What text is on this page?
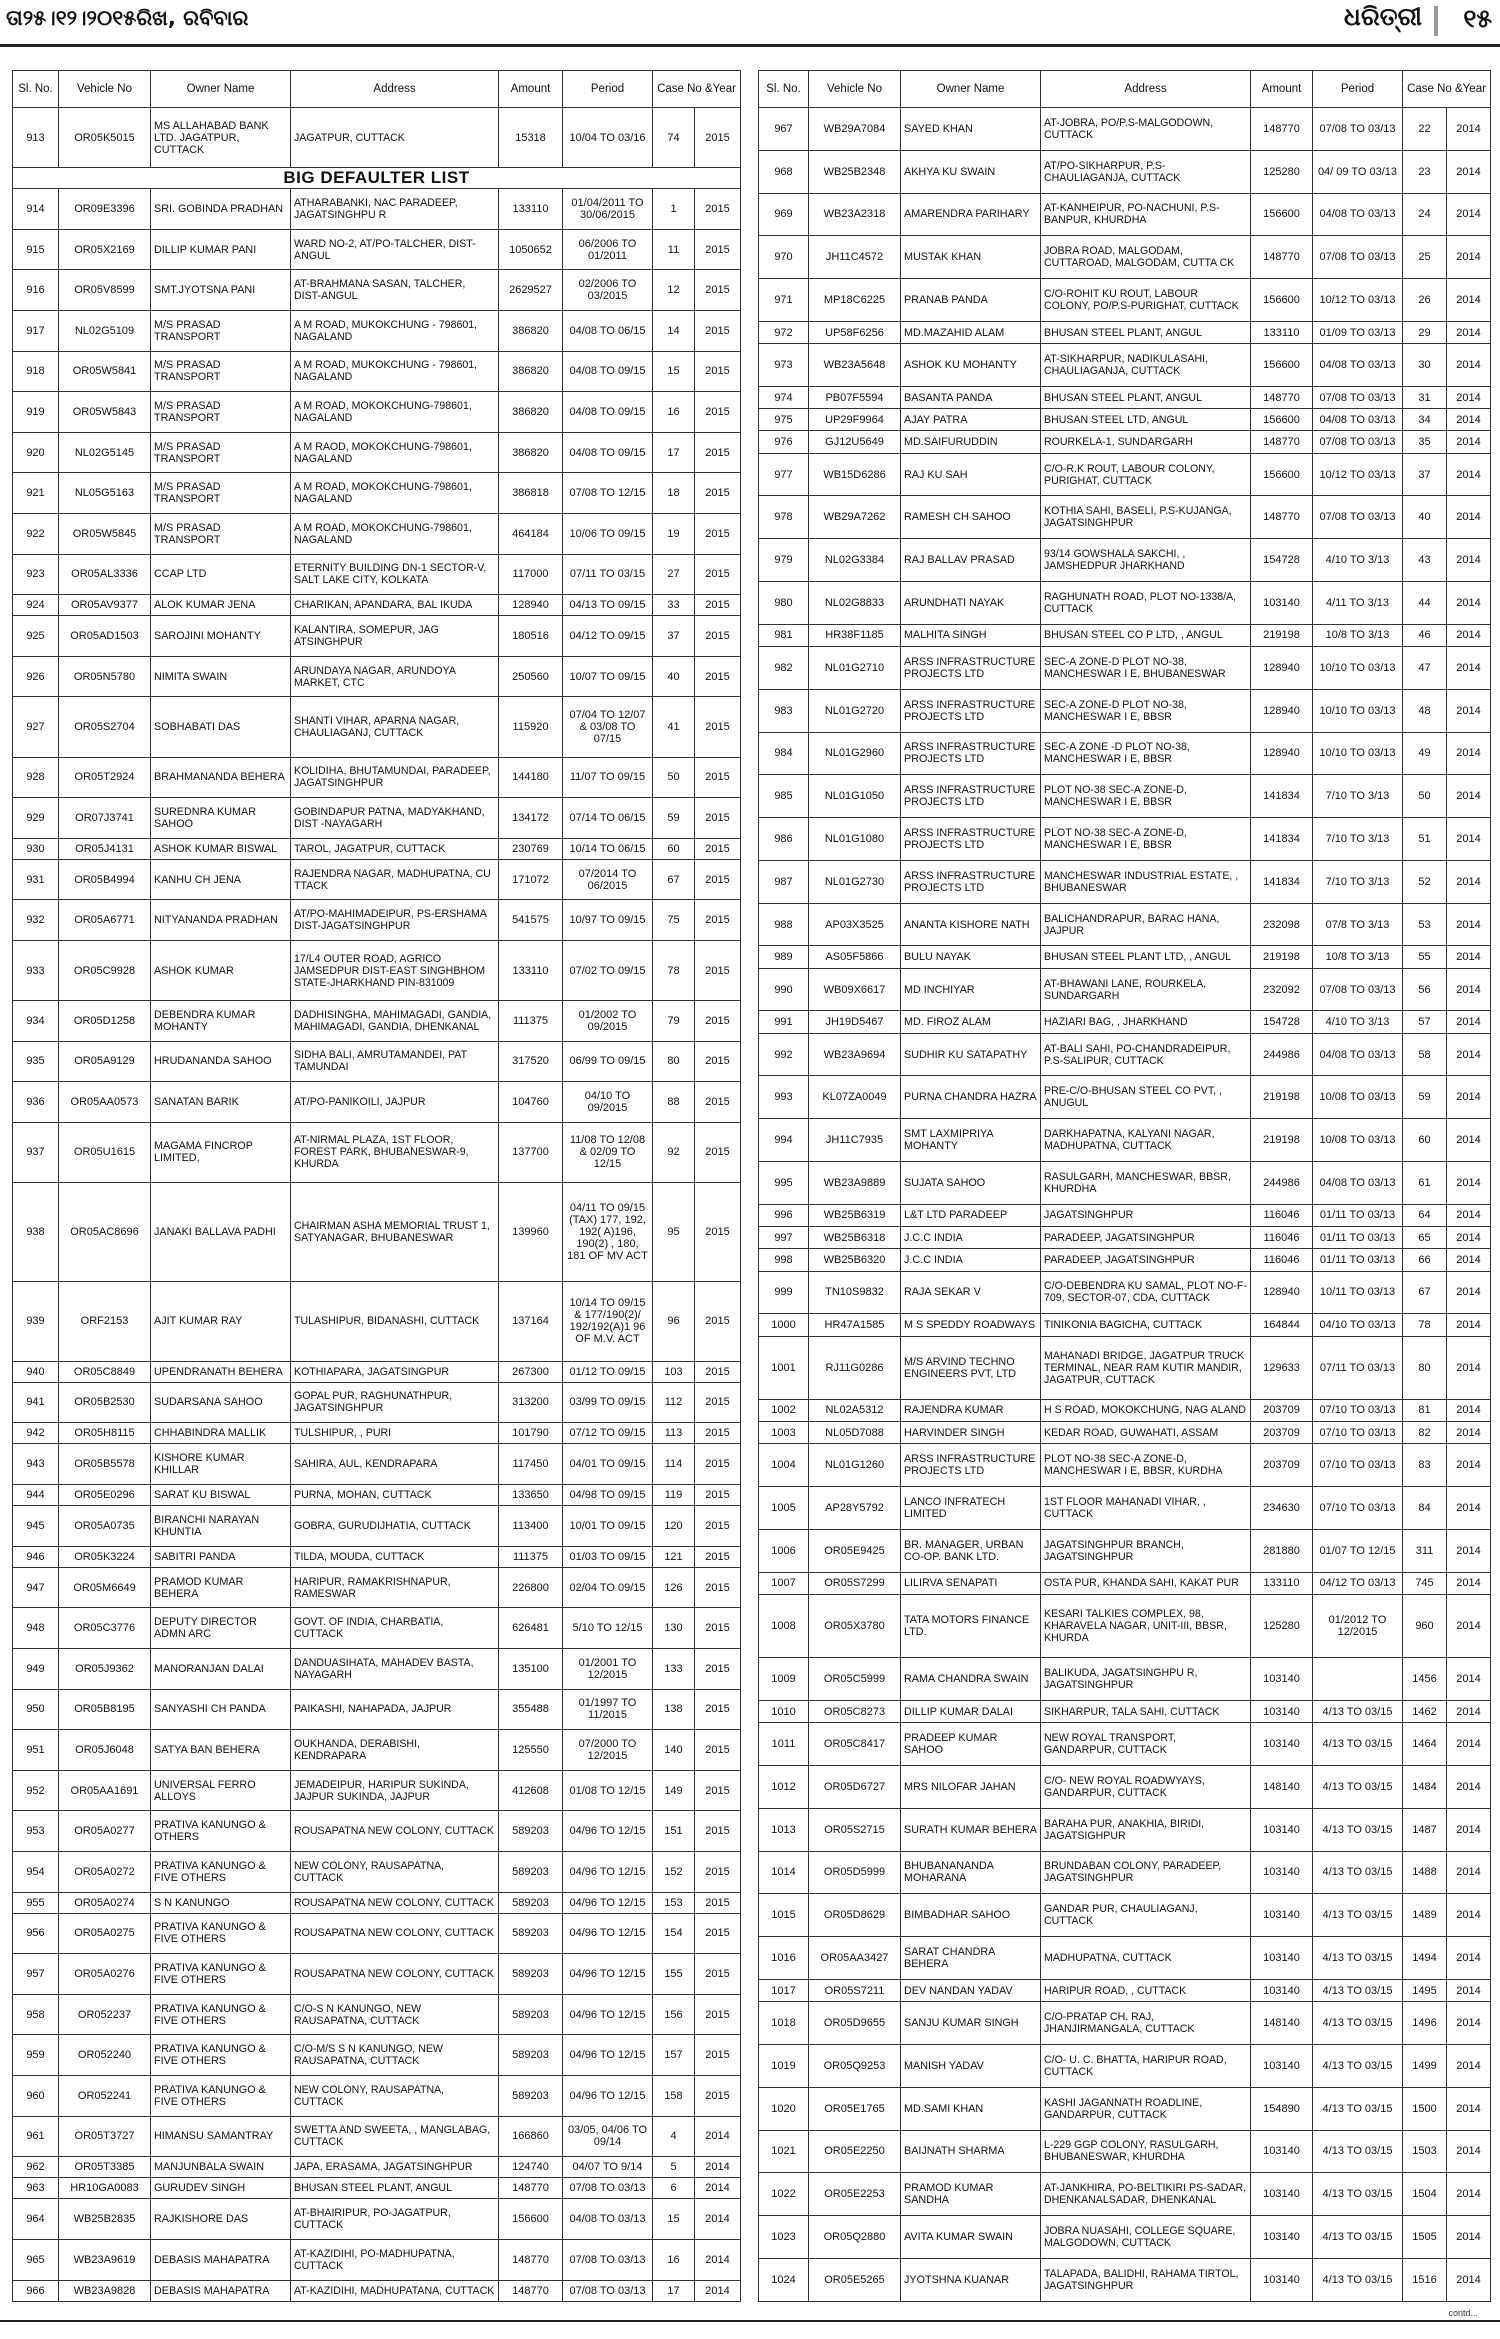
ତା୨୫।୧୨।୨୦୧୫ରିଖ, ରବିବାର	ଧରିତ୍ରୀ ୧୫
Sl. No.	Vehicle No	Owner Name	Address	Amount	Period	Case No &Year	
913	OR05K5015	MS ALLAHABAD BANK LTD. JAGATPUR, CUTTACK	JAGATPUR, CUTTACK	15318	10/04 TO 03/16	74	2015
BIG DEFAULTER LIST							
914	OR09E3396	SRI. GOBINDA PRADHAN	ATHARABANKI, NAC PARADEEP, JAGATSINGHPU R	133110	01/04/2011 TO 30/06/2015	1	2015
915	OR05X2169	DILLIP KUMAR PANI	WARD NO-2, AT/PO-TALCHER, DIST-ANGUL	1050652	06/2006 TO 01/2011	11	2015
916	OR05V8599	SMT.JYOTSNA PANI	AT-BRAHMANA SASAN, TALCHER, DIST-ANGUL	2629527	02/2006 TO 03/2015	12	2015
917	NL02G5109	M/S PRASAD TRANSPORT	A M ROAD, MUKOKCHUNG - 798601, NAGALAND	386820	04/08 TO 06/15	14	2015
918	OR05W5841	M/S PRASAD TRANSPORT	A M ROAD, MUKOKCHUNG - 798601, NAGALAND	386820	04/08 TO 09/15	15	2015
919	OR05W5843	M/S PRASAD TRANSPORT	A M ROAD, MOKOKCHUNG-798601, NAGALAND	386820	04/08 TO 09/15	16	2015
920	NL02G5145	M/S PRASAD TRANSPORT	A M RAOD, MOKOKCHUNG-798601, NAGALAND	386820	04/08 TO 09/15	17	2015
921	NL05G5163	M/S PRASAD TRANSPORT	A M ROAD, MOKOKCHUNG-798601, NAGALAND	386818	07/08 TO 12/15	18	2015
922	OR05W5845	M/S PRASAD TRANSPORT	A M ROAD, MOKOKCHUNG-798601, NAGALAND	464184	10/06 TO 09/15	19	2015
923	OR05AL3336	CCAP LTD	ETERNITY BUILDING DN-1 SECTOR-V, SALT LAKE CITY, KOLKATA	117000	07/11 TO 03/15	27	2015
924	OR05AV9377	ALOK KUMAR JENA	CHARIKAN, APANDARA, BAL IKUDA	128940	04/13 TO 09/15	33	2015
925	OR05AD1503	SAROJINI MOHANTY	KALANTIRA, SOMEPUR, JAG ATSINGHPUR	180516	04/12 TO 09/15	37	2015
926	OR05N5780	NIMITA SWAIN	ARUNDAYA NAGAR, ARUNDOYA MARKET, CTC	250560	10/07 TO 09/15	40	2015
927	OR05S2704	SOBHABATI DAS	SHANTI VIHAR, APARNA NAGAR, CHAULIAGANJ, CUTTACK	115920	07/04 TO 12/07 & 03/08 TO 07/15	41	2015
928	OR05T2924	BRAHMANANDA BEHERA	KOLIDIHA, BHUTAMUNDAI, PARADEEP, JAGATSINGHPUR	144180	11/07 TO 09/15	50	2015
929	OR07J3741	SUREDNRA KUMAR SAHOO	GOBINDAPUR PATNA, MADYAKHAND, DIST -NAYAGARH	134172	07/14 TO 06/15	59	2015
930	OR05J4131	ASHOK KUMAR BISWAL	TAROL, JAGATPUR, CUTTACK	230769	10/14 TO 06/15	60	2015
931	OR05B4994	KANHU CH JENA	RAJENDRA NAGAR, MADHUPATNA, CU TTACK	171072	07/2014 TO 06/2015	67	2015
932	OR05A6771	NITYANANDA PRADHAN	AT/PO-MAHIMADEIPUR, PS-ERSHAMA DIST-JAGATSINGHPUR	541575	10/97 TO 09/15	75	2015
933	OR05C9928	ASHOK KUMAR	17/L4 OUTER ROAD, AGRICO JAMSEDPUR DIST-EAST SINGHBHOM STATE-JHARKHAND PIN-831009	133110	07/02 TO 09/15	78	2015
934	OR05D1258	DEBENDRA KUMAR MOHANTY	DADHISINGHA, MAHIMAGADI, GANDIA, MAHIMAGADI, GANDIA, DHENKANAL	111375	01/2002 TO 09/2015	79	2015
935	OR05A9129	HRUDANANDA SAHOO	SIDHA BALI, AMRUTAMANDEI, PAT TAMUNDAI	317520	06/99 TO 09/15	80	2015
936	OR05AA0573	SANATAN BARIK	AT/PO-PANIKOILI, JAJPUR	104760	04/10 TO 09/2015	88	2015
937	OR05U1615	MAGAMA FINCROP LIMITED,	AT-NIRMAL PLAZA, 1ST FLOOR, FOREST PARK, BHUBANESWAR-9, KHURDA	137700	11/08 TO 12/08 & 02/09 TO 12/15	92	2015
938	OR05AC8696	JANAKI BALLAVA PADHI	CHAIRMAN ASHA MEMORIAL TRUST 1, SATYANAGAR, BHUBANESWAR	139960	04/11 TO 09/15 (TAX) 177, 192, 192( A)196, 190(2) , 180, 181 OF MV ACT	95	2015
939	ORF2153	AJIT KUMAR RAY	TULASHIPUR, BIDANASHI, CUTTACK	137164	10/14 TO 09/15 & 177/190(2)/ 192/192(A)1 96 OF M.V. ACT	96	2015
940	OR05C8849	UPENDRANATH BEHERA	KOTHIAPARA, JAGATSINGPUR	267300	01/12 TO 09/15	103	2015
941	OR05B2530	SUDARSANA SAHOO	GOPAL PUR, RAGHUNATHPUR, JAGATSINGHPUR	313200	03/99 TO 09/15	112	2015
942	OR05H8115	CHHABINDRA MALLIK	TULSHIPUR, , PURI	101790	07/12 TO 09/15	113	2015
943	OR05B5578	KISHORE KUMAR KHILLAR	SAHIRA, AUL, KENDRAPARA	117450	04/01 TO 09/15	114	2015
944	OR05E0296	SARAT KU BISWAL	PURNA, MOHAN, CUTTACK	133650	04/98 TO 09/15	119	2015
945	OR05A0735	BIRANCHI NARAYAN KHUNTIA	GOBRA, GURUDIJHATIA, CUTTACK	113400	10/01 TO 09/15	120	2015
946	OR05K3224	SABITRI PANDA	TILDA, MOUDA, CUTTACK	111375	01/03 TO 09/15	121	2015
947	OR05M6649	PRAMOD KUMAR BEHERA	HARIPUR, RAMAKRISHNAPUR, RAMESWAR	226800	02/04 TO 09/15	126	2015
948	OR05C3776	DEPUTY DIRECTOR ADMN ARC	GOVT. OF INDIA, CHARBATIA, CUTTACK	626481	5/10 TO 12/15	130	2015
949	OR05J9362	MANORANJAN DALAI	DANDUASIHATA, MAHADEV BASTA, NAYAGARH	135100	01/2001 TO 12/2015	133	2015
950	OR05B8195	SANYASHI CH PANDA	PAIKASHI, NAHAPADA, JAJPUR	355488	01/1997 TO 11/2015	138	2015
951	OR05J6048	SATYA BAN BEHERA	OUKHANDA, DERABISHI, KENDRAPARA	125550	07/2000 TO 12/2015	140	2015
952	OR05AA1691	UNIVERSAL FERRO ALLOYS	JEMADEIPUR, HARIPUR SUKINDA, JAJPUR SUKINDA, JAJPUR	412608	01/08 TO 12/15	149	2015
953	OR05A0277	PRATIVA KANUNGO & OTHERS	ROUSAPATNA NEW COLONY, CUTTACK	589203	04/96 TO 12/15	151	2015
954	OR05A0272	PRATIVA KANUNGO & FIVE OTHERS	NEW COLONY, RAUSAPATNA, CUTTACK	589203	04/96 TO 12/15	152	2015
955	OR05A0274	S N KANUNGO	ROUSAPATNA NEW COLONY, CUTTACK	589203	04/96 TO 12/15	153	2015
956	OR05A0275	PRATIVA KANUNGO & FIVE OTHERS	ROUSAPATNA NEW COLONY, CUTTACK	589203	04/96 TO 12/15	154	2015
957	OR05A0276	PRATIVA KANUNGO & FIVE OTHERS	ROUSAPATNA NEW COLONY, CUTTACK	589203	04/96 TO 12/15	155	2015
958	OR052237	PRATIVA KANUNGO & FIVE OTHERS	C/O-S N KANUNGO, NEW RAUSAPATNA, CUTTACK	589203	04/96 TO 12/15	156	2015
959	OR052240	PRATIVA KANUNGO & FIVE OTHERS	C/O-M/S S N KANUNGO, NEW RAUSAPATNA, CUTTACK	589203	04/96 TO 12/15	157	2015
960	OR052241	PRATIVA KANUNGO & FIVE OTHERS	NEW COLONY, RAUSAPATNA, CUTTACK	589203	04/96 TO 12/15	158	2015
961	OR05T3727	HIMANSU SAMANTRAY	SWETTA AND SWEETA, , MANGLABAG, CUTTACK	166860	03/05, 04/06 TO 09/14	4	2014
962	OR05T3385	MANJUNBALA SWAIN	JAPA, ERASAMA, JAGATSINGHPUR	124740	04/07 TO 9/14	5	2014
963	HR10GA0083	GURUDEV SINGH	BHUSAN STEEL PLANT, ANGUL	148770	07/08 TO 03/13	6	2014
964	WB25B2835	RAJKISHORE DAS	AT-BHAIRIPUR, PO-JAGATPUR, CUTTACK	156600	04/08 TO 03/13	15	2014
965	WB23A9619	DEBASIS MAHAPATRA	AT-KAZIDIHI, PO-MADHUPATNA, CUTTACK	148770	07/08 TO 03/13	16	2014
966	WB23A9828	DEBASIS MAHAPATRA	AT-KAZIDIHI, MADHUPATANA, CUTTACK	148770	07/08 TO 03/13	17	2014
Sl. No.	Vehicle No	Owner Name	Address	Amount	Period	Case No &Year	
967	WB29A7084	SAYED KHAN	AT-JOBRA, PO/P.S-MALGODOWN, CUTTACK	148770	07/08 TO 03/13	22	2014
968	WB25B2348	AKHYA KU SWAIN	AT/PO-SIKHARPUR, P.S-CHAULIAGANJA, CUTTACK	125280	04/ 09 TO 03/13	23	2014
969	WB23A2318	AMARENDRA PARIHARY	AT-KANHEIPUR, PO-NACHUNI, P.S-BANPUR, KHURDHA	156600	04/08 TO 03/13	24	2014
970	JH11C4572	MUSTAK KHAN	JOBRA ROAD, MALGODAM, CUTTAROAD, MALGODAM, CUTTA CK	148770	07/08 TO 03/13	25	2014
971	MP18C6225	PRANAB PANDA	C/O-ROHIT KU ROUT, LABOUR COLONY, PO/P.S-PURIGHAT, CUTTACK	156600	10/12 TO 03/13	26	2014
972	UP58F6256	MD.MAZAHID ALAM	BHUSAN STEEL PLANT, ANGUL	133110	01/09 TO 03/13	29	2014
973	WB23A5648	ASHOK KU MOHANTY	AT-SIKHARPUR, NADIKULASAHI, CHAULIAGANJA, CUTTACK	156600	04/08 TO 03/13	30	2014
974	PB07F5594	BASANTA PANDA	BHUSAN STEEL PLANT, ANGUL	148770	07/08 TO 03/13	31	2014
975	UP29F9964	AJAY PATRA	BHUSAN STEEL LTD, ANGUL	156600	04/08 TO 03/13	34	2014
976	GJ12U5649	MD.SAIFURUDDIN	ROURKELA-1, SUNDARGARH	148770	07/08 TO 03/13	35	2014
977	WB15D6286	RAJ KU SAH	C/O-R.K ROUT, LABOUR COLONY, PURIGHAT, CUTTACK	156600	10/12 TO 03/13	37	2014
978	WB29A7262	RAMESH CH SAHOO	KOTHIA SAHI, BASELI, P.S-KUJANGA, JAGATSINGHPUR	148770	07/08 TO 03/13	40	2014
979	NL02G3384	RAJ BALLAV PRASAD	93/14 GOWSHALA SAKCHI, , JAMSHEDPUR JHARKHAND	154728	4/10 TO 3/13	43	2014
980	NL02G8833	ARUNDHATI NAYAK	RAGHUNATH ROAD, PLOT NO-1338/A, CUTTACK	103140	4/11 TO 3/13	44	2014
981	HR38F1185	MALHITA SINGH	BHUSAN STEEL CO P LTD, , ANGUL	219198	10/8 TO 3/13	46	2014
982	NL01G2710	ARSS INFRASTRUCTURE PROJECTS LTD	SEC-A ZONE-D PLOT NO-38, MANCHESWAR I E, BHUBANESWAR	128940	10/10 TO 03/13	47	2014
983	NL01G2720	ARSS INFRASTRUCTURE PROJECTS LTD	SEC-A ZONE-D PLOT NO-38, MANCHESWAR I E, BBSR	128940	10/10 TO 03/13	48	2014
984	NL01G2960	ARSS INFRASTRUCTURE PROJECTS LTD	SEC-A ZONE -D PLOT NO-38, MANCHESWAR I E, BBSR	128940	10/10 TO 03/13	49	2014
985	NL01G1050	ARSS INFRASTRUCTURE PROJECTS LTD	PLOT NO-38 SEC-A ZONE-D, MANCHESWAR I E, BBSR	141834	7/10 TO 3/13	50	2014
986	NL01G1080	ARSS INFRASTRUCTURE PROJECTS LTD	PLOT NO-38 SEC-A ZONE-D, MANCHESWAR I E, BBSR	141834	7/10 TO 3/13	51	2014
987	NL01G2730	ARSS INFRASTRUCTURE PROJECTS LTD	MANCHESWAR INDUSTRIAL ESTATE, , BHUBANESWAR	141834	7/10 TO 3/13	52	2014
988	AP03X3525	ANANTA KISHORE NATH	BALICHANDRAPUR, BARAC HANA, JAJPUR	232098	07/8 TO 3/13	53	2014
989	AS05F5866	BULU NAYAK	BHUSAN STEEL PLANT LTD, , ANGUL	219198	10/8 TO 3/13	55	2014
990	WB09X6617	MD INCHIYAR	AT-BHAWANI LANE, ROURKELA, SUNDARGARH	232092	07/08 TO 03/13	56	2014
991	JH19D5467	MD. FIROZ ALAM	HAZIARI BAG, , JHARKHAND	154728	4/10 TO 3/13	57	2014
992	WB23A9694	SUDHIR KU SATAPATHY	AT-BALI SAHI, PO-CHANDRADEIPUR, P.S-SALIPUR, CUTTACK	244986	04/08 TO 03/13	58	2014
993	KL07ZA0049	PURNA CHANDRA HAZRA	PRE-C/O-BHUSAN STEEL CO PVT, , ANUGUL	219198	10/08 TO 03/13	59	2014
994	JH11C7935	SMT LAXMIPRIYA MOHANTY	DARKHAPATNA, KALYANI NAGAR, MADHUPATNA, CUTTACK	219198	10/08 TO 03/13	60	2014
995	WB23A9889	SUJATA SAHOO	RASULGARH, MANCHESWAR, BBSR, KHURDHA	244986	04/08 TO 03/13	61	2014
996	WB25B6319	L&T LTD PARADEEP	JAGATSINGHPUR	116046	01/11 TO 03/13	64	2014
997	WB25B6318	J.C.C INDIA	PARADEEP, JAGATSINGHPUR	116046	01/11 TO 03/13	65	2014
998	WB25B6320	J.C.C INDIA	PARADEEP, JAGATSINGHPUR	116046	01/11 TO 03/13	66	2014
999	TN10S9832	RAJA SEKAR V	C/O-DEBENDRA KU SAMAL, PLOT NO-F-709, SECTOR-07, CDA, CUTTACK	128940	10/11 TO 03/13	67	2014
1000	HR47A1585	M S SPEDDY ROADWAYS	TINIKONIA BAGICHA, CUTTACK	164844	04/10 TO 03/13	78	2014
1001	RJ11G0286	M/S ARVIND TECHNO ENGINEERS PVT, LTD	MAHANADI BRIDGE, JAGATPUR TRUCK TERMINAL, NEAR RAM KUTIR MANDIR, JAGATPUR, CUTTACK	129633	07/11 TO 03/13	80	2014
1002	NL02A5312	RAJENDRA KUMAR	H S ROAD, MOKOKCHUNG, NAG ALAND	203709	07/10 TO 03/13	81	2014
1003	NL05D7088	HARVINDER SINGH	KEDAR ROAD, GUWAHATI, ASSAM	203709	07/10 TO 03/13	82	2014
1004	NL01G1260	ARSS INFRASTRUCTURE PROJECTS LTD	PLOT NO-38 SEC-A ZONE-D, MANCHESWAR I E, BBSR, KURDHA	203709	07/10 TO 03/13	83	2014
1005	AP28Y5792	LANCO INFRATECH LIMITED	1ST FLOOR MAHANADI VIHAR, , CUTTACK	234630	07/10 TO 03/13	84	2014
1006	OR05E9425	BR. MANAGER, URBAN CO-OP. BANK LTD.	JAGATSINGHPUR BRANCH, JAGATSINGHPUR	281880	01/07 TO 12/15	311	2014
1007	OR05S7299	LILIRVA SENAPATI	OSTA PUR, KHANDA SAHI, KAKAT PUR	133110	04/12 TO 03/13	745	2014
1008	OR05X3780	TATA MOTORS FINANCE LTD.	KESARI TALKIES COMPLEX, 98, KHARAVELA NAGAR, UNIT-III, BBSR, KHURDA	125280	01/2012 TO 12/2015	960	2014
1009	OR05C5999	RAMA CHANDRA SWAIN	BALIKUDA, JAGATSINGHPU R, JAGATSINGHPUR	103140		1456	2014
1010	OR05C8273	DILLIP KUMAR DALAI	SIKHARPUR, TALA SAHI, CUTTACK	103140	4/13 TO 03/15	1462	2014
1011	OR05C8417	PRADEEP KUMAR SAHOO	NEW ROYAL TRANSPORT, GANDARPUR, CUTTACK	103140	4/13 TO 03/15	1464	2014
1012	OR05D6727	MRS NILOFAR JAHAN	C/O- NEW ROYAL ROADWYAYS, GANDARPUR, CUTTACK	148140	4/13 TO 03/15	1484	2014
1013	OR05S2715	SURATH KUMAR BEHERA	BARAHA PUR, ANAKHIA, BIRIDI, JAGATSIGHPUR	103140	4/13 TO 03/15	1487	2014
1014	OR05D5999	BHUBANANANDA MOHARANA	BRUNDABAN COLONY, PARADEEP, JAGATSINGHPUR	103140	4/13 TO 03/15	1488	2014
1015	OR05D8629	BIMBADHAR SAHOO	GANDAR PUR, CHAULIAGANJ, CUTTACK	103140	4/13 TO 03/15	1489	2014
1016	OR05AA3427	SARAT CHANDRA BEHERA	MADHUPATNA, CUTTACK	103140	4/13 TO 03/15	1494	2014
1017	OR05S7211	DEV NANDAN YADAV	HARIPUR ROAD, , CUTTACK	103140	4/13 TO 03/15	1495	2014
1018	OR05D9655	SANJU KUMAR SINGH	C/O-PRATAP CH. RAJ, JHANJIRMANGALA, CUTTACK	148140	4/13 TO 03/15	1496	2014
1019	OR05Q9253	MANISH YADAV	C/O- U. C. BHATTA, HARIPUR ROAD, CUTTACK	103140	4/13 TO 03/15	1499	2014
1020	OR05E1765	MD.SAMI KHAN	KASHI JAGANNATH ROADLINE, GANDARPUR, CUTTACK	154890	4/13 TO 03/15	1500	2014
1021	OR05E2250	BAIJNATH SHARMA	L-229 GGP COLONY, RASULGARH, BHUBANESWAR, KHURDHA	103140	4/13 TO 03/15	1503	2014
1022	OR05E2253	PRAMOD KUMAR SANDHA	AT-JANKHIRA, PO-BELTIKIRI PS-SADAR, DHENKANALSADAR, DHENKANAL	103140	4/13 TO 03/15	1504	2014
1023	OR05Q2880	AVITA KUMAR SWAIN	JOBRA NUASAHI, COLLEGE SQUARE, MALGODOWN, CUTTACK	103140	4/13 TO 03/15	1505	2014
1024	OR05E5265	JYOTSHNA KUANAR	TALAPADA, BALIDHI, RAHAMA TIRTOL, JAGATSINGHPUR	103140	4/13 TO 03/15	1516	2014
contd...
